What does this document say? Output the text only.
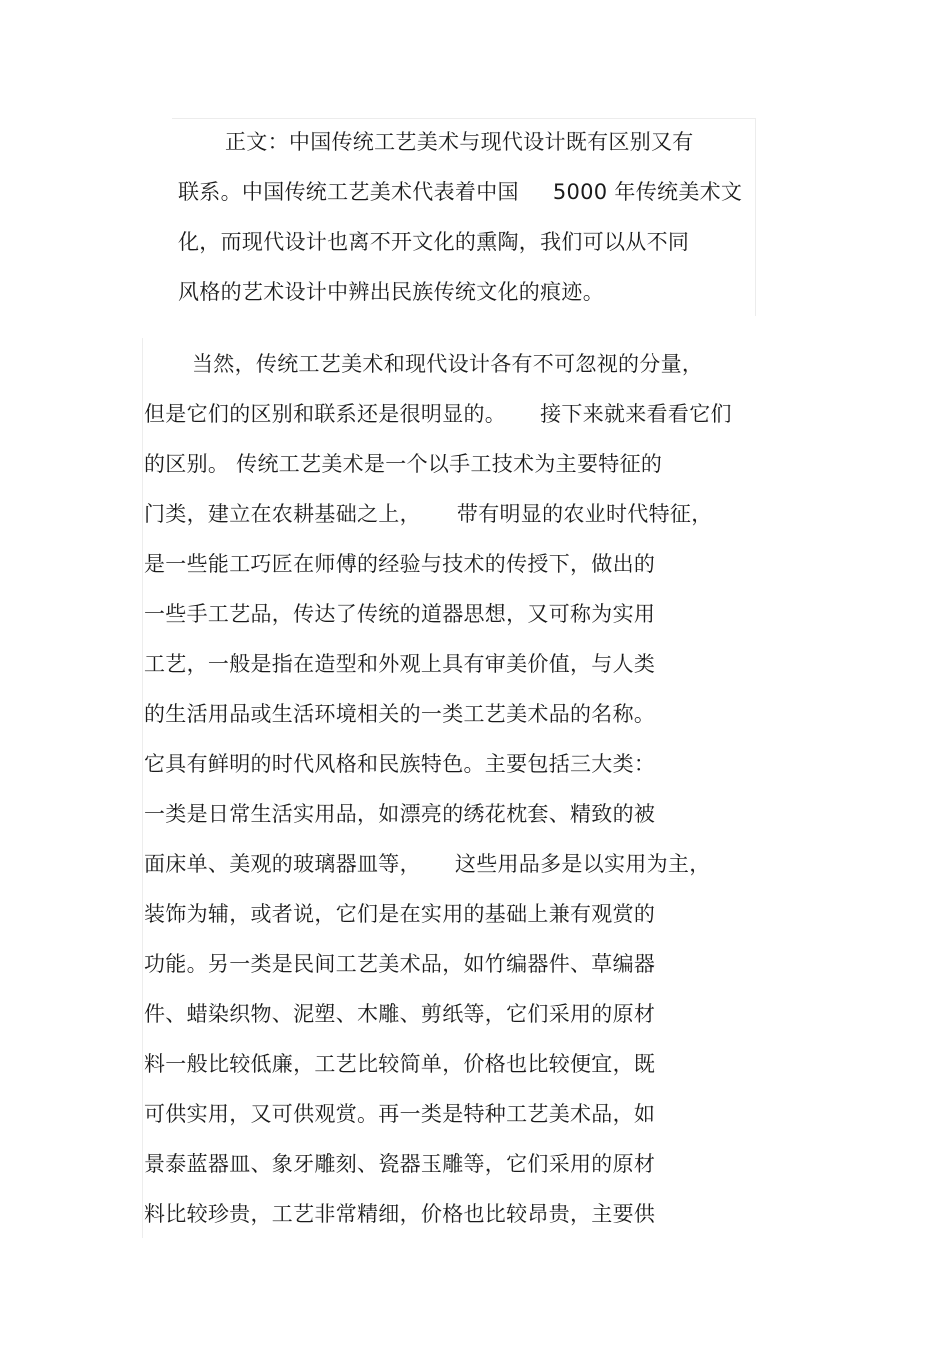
正文：中国传统工艺美术与现代设计既有区别又有
联系。中国传统工艺美术代表着中国 5000 年传统美术文
化，而现代设计也离不开文化的熏陶，我们可以从不同
风格的艺术设计中辨出民族传统文化的痕迹。
当然，传统工艺美术和现代设计各有不可忽视的分量，
但是它们的区别和联系还是很明显的。 接下来就来看看它们
的区别。 传统工艺美术是一个以手工技术为主要特征的
门类，建立在农耕基础之上， 带有明显的农业时代特征，
是一些能工巧匠在师傅的经验与技术的传授下，做出的
一些手工艺品，传达了传统的道器思想，又可称为实用
工艺，一般是指在造型和外观上具有审美价值，与人类
的生活用品或生活环境相关的一类工艺美术品的名称。
它具有鲜明的时代风格和民族特色。主要包括三大类：
一类是日常生活实用品，如漂亮的绣花枕套、精致的被
面床单、美观的玻璃器皿等， 这些用品多是以实用为主，
装饰为辅，或者说，它们是在实用的基础上兼有观赏的
功能。另一类是民间工艺美术品，如竹编器件、草编器
件、蜡染织物、泥塑、木雕、剪纸等，它们采用的原材
料一般比较低廉，工艺比较简单，价格也比较便宜，既
可供实用，又可供观赏。再一类是特种工艺美术品，如
景泰蓝器皿、象牙雕刻、瓷器玉雕等，它们采用的原材
料比较珍贵，工艺非常精细，价格也比较昂贵，主要供
